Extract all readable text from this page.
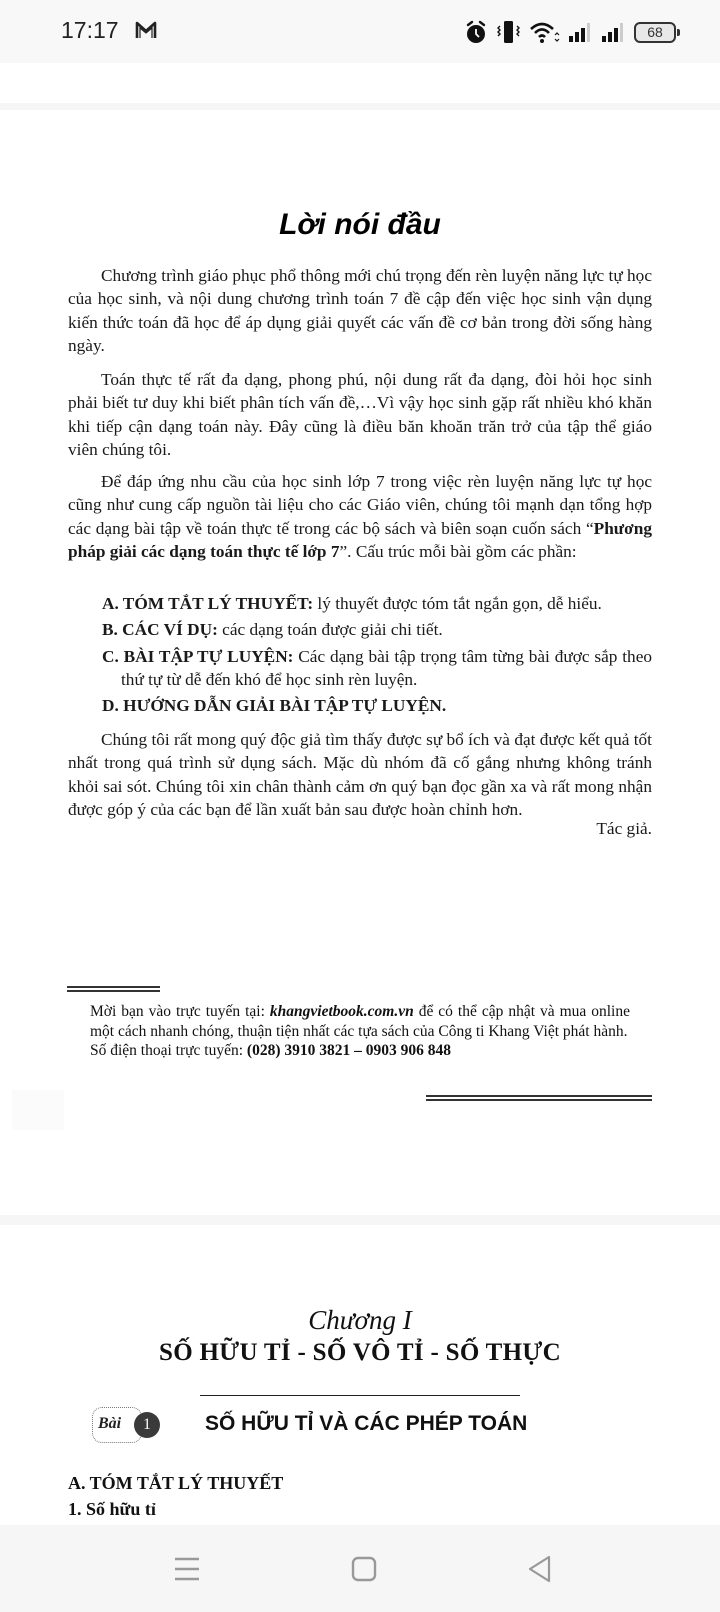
17:17	68
Lời nói đầu

Chương trình giáo phục phổ thông mới chú trọng đến rèn luyện năng lực tự học của học sinh, và nội dung chương trình toán 7 đề cập đến việc học sinh vận dụng kiến thức toán đã học để áp dụng giải quyết các vấn đề cơ bản trong đời sống hàng ngày.

Toán thực tế rất đa dạng, phong phú, nội dung rất đa dạng, đòi hỏi học sinh phải biết tư duy khi biết phân tích vấn đề,…Vì vậy học sinh gặp rất nhiều khó khăn khi tiếp cận dạng toán này. Đây cũng là điều băn khoăn trăn trở của tập thể giáo viên chúng tôi.

Để đáp ứng nhu cầu của học sinh lớp 7 trong việc rèn luyện năng lực tự học cũng như cung cấp nguồn tài liệu cho các Giáo viên, chúng tôi mạnh dạn tổng hợp các dạng bài tập về toán thực tế trong các bộ sách và biên soạn cuốn sách “Phương pháp giải các dạng toán thực tế lớp 7”. Cấu trúc mỗi bài gồm các phần:

A. TÓM TẮT LÝ THUYẾT: lý thuyết được tóm tắt ngắn gọn, dễ hiểu.
B. CÁC VÍ DỤ: các dạng toán được giải chi tiết.
C. BÀI TẬP TỰ LUYỆN: Các dạng bài tập trọng tâm từng bài được sắp theo thứ tự từ dễ đến khó để học sinh rèn luyện.
D. HƯỚNG DẪN GIẢI BÀI TẬP TỰ LUYỆN.

Chúng tôi rất mong quý độc giả tìm thấy được sự bổ ích và đạt được kết quả tốt nhất trong quá trình sử dụng sách. Mặc dù nhóm đã cố gắng nhưng không tránh khỏi sai sót. Chúng tôi xin chân thành cảm ơn quý bạn đọc gần xa và rất mong nhận được góp ý của các bạn để lần xuất bản sau được hoàn chỉnh hơn.

Tác giả.
Mời bạn vào trực tuyến tại: khangvietbook.com.vn để có thể cập nhật và mua online một cách nhanh chóng, thuận tiện nhất các tựa sách của Công ti Khang Việt phát hành.
Số điện thoại trực tuyến: (028) 3910 3821 – 0903 906 848
Chương I
SỐ HỮU TỈ - SỐ VÔ TỈ - SỐ THỰC
Bài	1	SỐ HỮU TỈ VÀ CÁC PHÉP TOÁN
A. TÓM TẮT LÝ THUYẾT
1. Số hữu tỉ
